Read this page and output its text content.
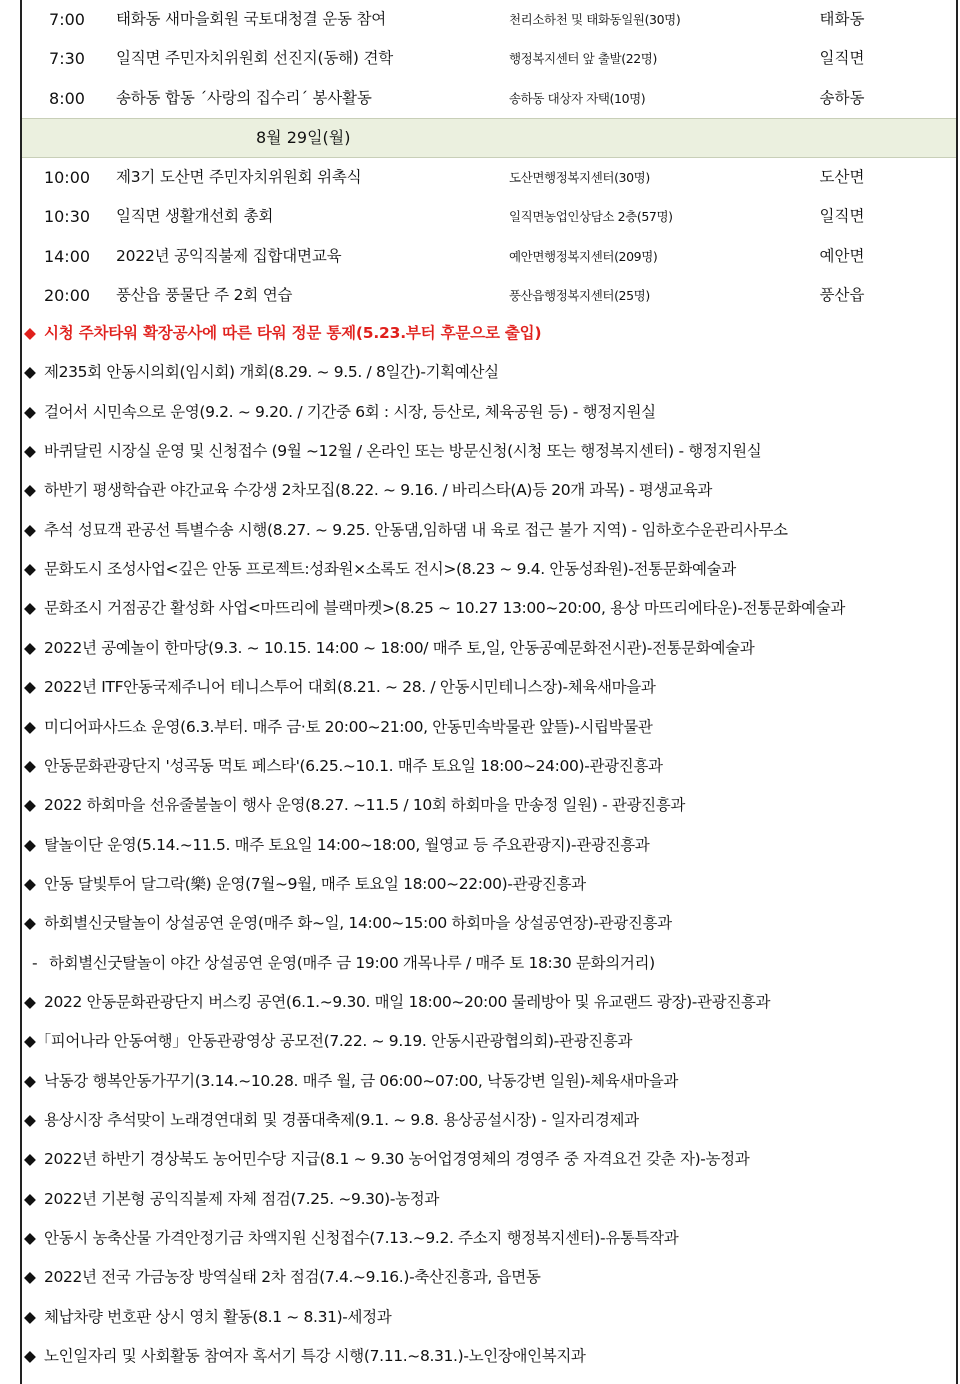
7:00	태화동 새마을회원 국토대청결 운동 참여	천리소하천 및 태화동일원(30명)	태화동
7:30	일직면 주민자치위원회 선진지(동해) 견학	행정복지센터 앞 출발(22명)	일직면
8:00	송하동 합동 ´사랑의 집수리´ 봉사활동	송하동 대상자 자택(10명)	송하동
8월 29일(월)
10:00	제3기 도산면 주민자치위원회 위촉식	도산면행정복지센터(30명)	도산면
10:30	일직면 생활개선회 총회	일직면농업인상담소 2층(57명)	일직면
14:00	2022년 공익직불제 집합대면교육	예안면행정복지센터(209명)	예안면
20:00	풍산읍 풍물단 주 2회 연습	풍산읍행정복지센터(25명)	풍산읍
◆ 시청 주차타워 확장공사에 따른 타워 정문 통제(5.23.부터 후문으로 출입)
◆ 제235회 안동시의회(임시회) 개회(8.29. ~ 9.5. / 8일간)-기획예산실
◆ 걸어서 시민속으로 운영(9.2. ~ 9.20. / 기간중 6회 : 시장, 등산로, 체육공원 등) - 행정지원실
◆ 바퀴달린 시장실 운영 및 신청접수 (9월 ~12월 / 온라인 또는 방문신청(시청 또는 행정복지센터) - 행정지원실
◆ 하반기 평생학습관 야간교육 수강생 2차모집(8.22. ~ 9.16. / 바리스타(A)등 20개 과목) - 평생교육과
◆ 추석 성묘객 관공선 특별수송 시행(8.27. ~ 9.25. 안동댐,임하댐 내 육로 접근 불가 지역) - 임하호수운관리사무소
◆ 문화도시 조성사업<깊은 안동 프로젝트:성좌원×소록도 전시>(8.23 ~ 9.4. 안동성좌원)-전통문화예술과
◆ 문화조시 거점공간 활성화 사업<마뜨리에 블랙마켓>(8.25 ~ 10.27 13:00~20:00, 용상 마뜨리에타운)-전통문화예술과
◆ 2022년 공예놀이 한마당(9.3. ~ 10.15. 14:00 ~ 18:00/ 매주 토,일, 안동공예문화전시관)-전통문화예술과
◆ 2022년 ITF안동국제주니어 테니스투어 대회(8.21. ~ 28. / 안동시민테니스장)-체육새마을과
◆ 미디어파사드쇼 운영(6.3.부터. 매주 금·토 20:00~21:00, 안동민속박물관 앞뜰)-시립박물관
◆ 안동문화관광단지 '성곡동 먹토 페스타'(6.25.~10.1. 매주 토요일 18:00~24:00)-관광진흥과
◆ 2022 하회마을 선유줄불놀이 행사 운영(8.27. ~11.5 / 10회 하회마을 만송정 일원) - 관광진흥과
◆ 탈놀이단 운영(5.14.~11.5. 매주 토요일 14:00~18:00, 월영교 등 주요관광지)-관광진흥과
◆ 안동 달빛투어 달그락(樂) 운영(7월~9월, 매주 토요일 18:00~22:00)-관광진흥과
◆ 하회별신굿탈놀이 상설공연 운영(매주 화~일, 14:00~15:00 하회마을 상설공연장)-관광진흥과
- 하회별신굿탈놀이 야간 상설공연 운영(매주 금 19:00 개목나루 / 매주 토 18:30 문화의거리)
◆ 2022 안동문화관광단지 버스킹 공연(6.1.~9.30. 매일 18:00~20:00 물레방아 및 유교랜드 광장)-관광진흥과
◆「피어나라 안동여행」안동관광영상 공모전(7.22. ~ 9.19. 안동시관광협의회)-관광진흥과
◆ 낙동강 행복안동가꾸기(3.14.~10.28. 매주 월, 금 06:00~07:00, 낙동강변 일원)-체육새마을과
◆ 용상시장 추석맞이 노래경연대회 및 경품대축제(9.1. ~ 9.8. 용상공설시장) - 일자리경제과
◆ 2022년 하반기 경상북도 농어민수당 지급(8.1 ~ 9.30 농어업경영체의 경영주 중 자격요건 갖춘 자)-농정과
◆ 2022년 기본형 공익직불제 자체 점검(7.25. ~9.30)-농정과
◆ 안동시 농축산물 가격안정기금 차액지원 신청접수(7.13.~9.2. 주소지 행정복지센터)-유통특작과
◆ 2022년 전국 가금농장 방역실태 2차 점검(7.4.~9.16.)-축산진흥과, 읍면동
◆ 체납차량 번호판 상시 영치 활동(8.1 ~ 8.31)-세정과
◆ 노인일자리 및 사회활동 참여자 혹서기 특강 시행(7.11.~8.31.)-노인장애인복지과
